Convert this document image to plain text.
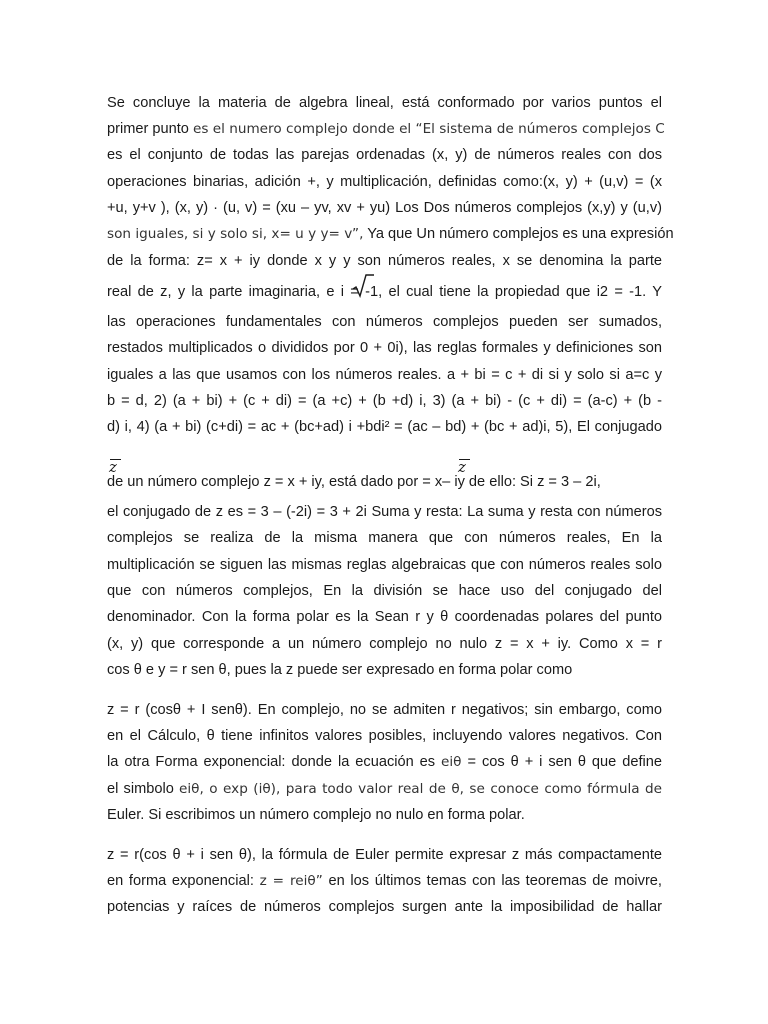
Se concluye la materia de algebra lineal, está conformado por varios puntos el
primer punto es el numero complejo donde el “El sistema de números complejos C
es el conjunto de todas las parejas ordenadas (x, y) de números reales con dos
operaciones binarias, adición +, y multiplicación, definidas como:(x, y) + (u,v) = (x
+u, y+v ), (x, y) · (u, v) = (xu – yv, xv + yu) Los Dos números complejos (x,y) y (u,v)
son iguales, si y solo si, x= u y y= v”, Ya que Un número complejos es una expresión
de la forma: z= x + iy donde x y y son números reales, x se denomina la parte
real de z, y la parte imaginaria, e i = -1, el cual tiene la propiedad que i2 = -1. Y
las operaciones fundamentales con números complejos pueden ser sumados,
restados multiplicados o divididos por 0 + 0i), las reglas formales y definiciones son
iguales a las que usamos con los números reales. a + bi = c + di si y solo si a=c y
b = d, 2) (a + bi) + (c + di) = (a +c) + (b +d) i, 3) (a + bi) - (c + di) = (a-c) + (b -
d) i, 4) (a + bi) (c+di) = ac + (bc+ad) i +bdi² = (ac – bd) + (bc + ad)i, 5), El conjugado
de un número complejo z = x + iy, está dado por = x– iy de ello: Si z = 3 – 2i,
el conjugado de z es = 3 – (-2i) = 3 + 2i Suma y resta: La suma y resta con números
complejos se realiza de la misma manera que con números reales, En la
multiplicación se siguen las mismas reglas algebraicas que con números reales solo
que con números complejos, En la división se hace uso del conjugado del
denominador. Con la forma polar es la Sean r y θ coordenadas polares del punto
(x, y) que corresponde a un número complejo no nulo z = x + iy. Como x = r
cos θ e y = r sen θ, pues la z puede ser expresado en forma polar como
z = r (cosθ + I senθ). En complejo, no se admiten r negativos; sin embargo, como
en el Cálculo, θ tiene infinitos valores posibles, incluyendo valores negativos. Con
la otra Forma exponencial: donde la ecuación es eiθ = cos θ + i sen θ que define
el simbolo eiθ, o exp (iθ), para todo valor real de θ, se conoce como fórmula de
Euler. Si escribimos un número complejo no nulo en forma polar.
z = r(cos θ + i sen θ), la fórmula de Euler permite expresar z más compactamente
en forma exponencial: z = reiθ” en los últimos temas con las teoremas de moivre,
potencias y raíces de números complejos surgen ante la imposibilidad de hallar
z	z
